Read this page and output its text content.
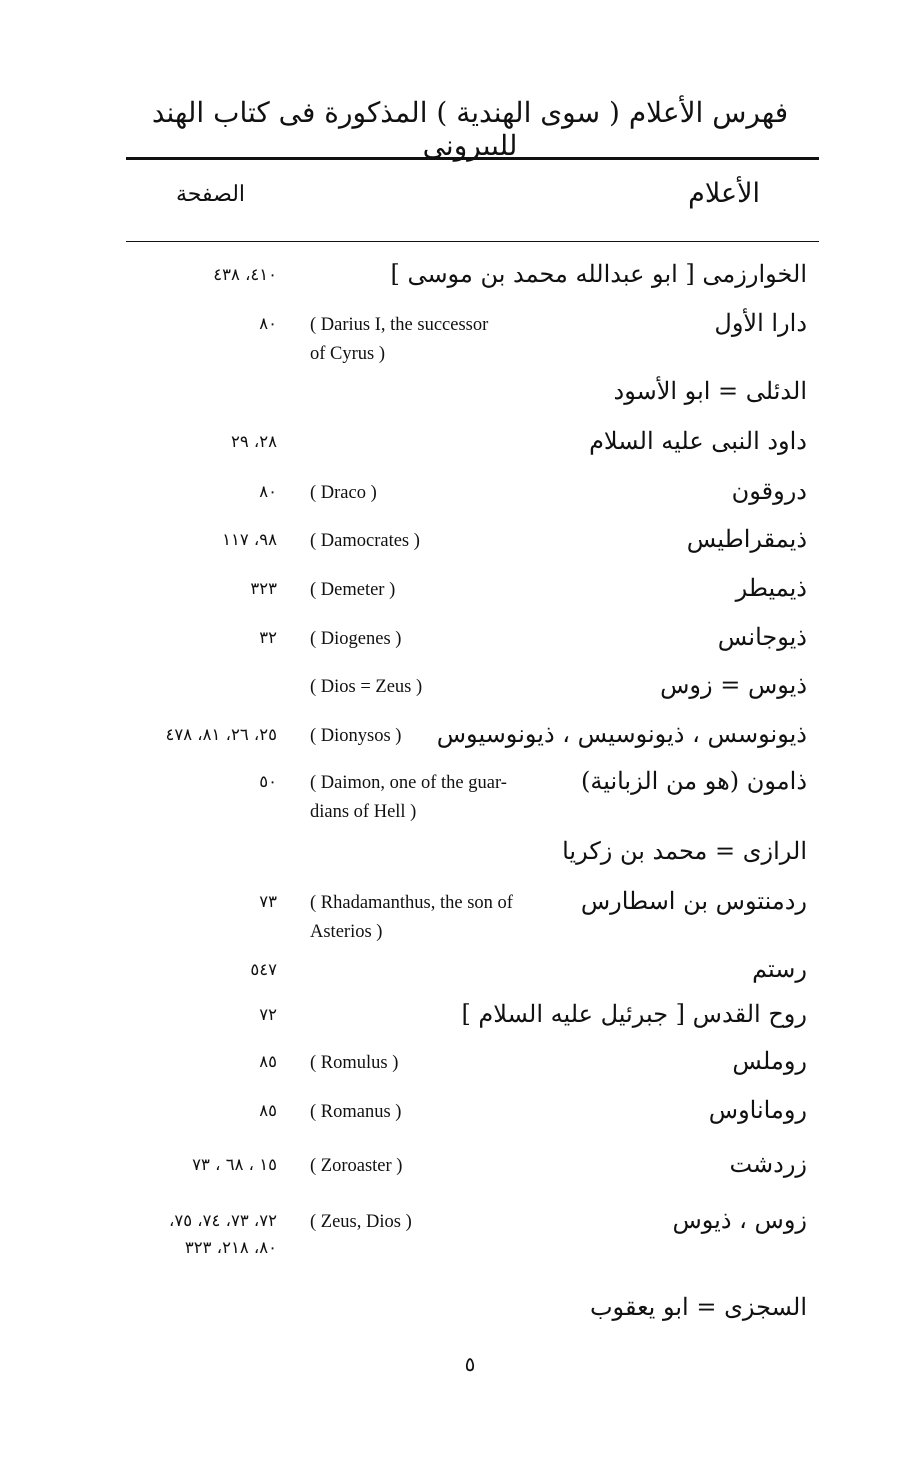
فهرس الأعلام ( سوى الهندية ) المذكورة فى كتاب الهند للبيرونى
الأعلام
الصفحة
الخوارزمى [ ابو عبدالله محمد بن موسى ]
٤١٠، ٤٣٨
دارا الأول
( Darius I, the successor
of Cyrus )
٨٠
الدئلى = ابو الأسود
داود النبى عليه السلام
٢٨، ٢٩
دروقون
( Draco )
٨٠
ذيمقراطيس
( Damocrates )
٩٨، ١١٧
ذيميطر
( Demeter )
٣٢٣
ذيوجانس
( Diogenes )
٣٢
ذيوس = زوس
( Dios = Zeus )
ذيونوسس ، ذيونوسيس ، ذيونوسيوس
( Dionysos )
٢٥، ٢٦، ٨١، ٤٧٨
ذامون (هو من الزبانية)
( Daimon, one of the guar-
dians of Hell )
٥٠
الرازى = محمد بن زكريا
ردمنتوس بن اسطارس
( Rhadamanthus, the son of
Asterios )
٧٣
رستم
٥٤٧
روح القدس [ جبرئيل عليه السلام ]
٧٢
روملس
( Romulus )
٨٥
روماناوس
( Romanus )
٨٥
زردشت
( Zoroaster )
١٥ ، ٦٨ ، ٧٣
زوس ، ذيوس
( Zeus, Dios )
٧٢، ٧٣، ٧٤، ٧٥،
٨٠، ٢١٨، ٣٢٣
السجزى = ابو يعقوب
٥
